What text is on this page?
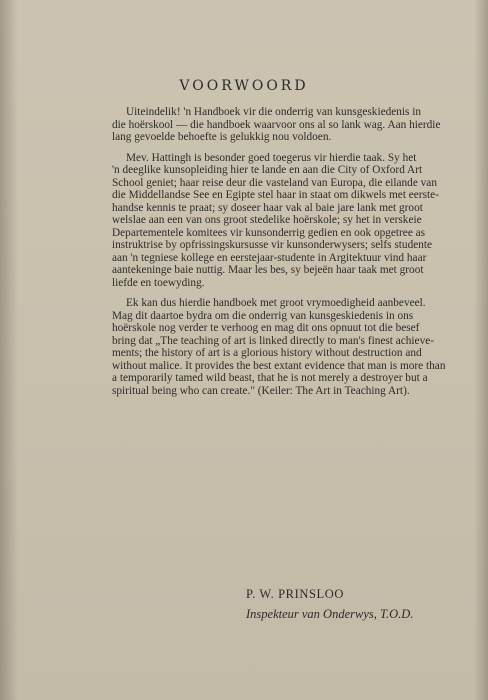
VOORWOORD

Uiteindelik! 'n Handboek vir die onderrig van kunsgeskiedenis in
die hoërskool — die handboek waarvoor ons al so lank wag. Aan hierdie
lang gevoelde behoefte is gelukkig nou voldoen.

Mev. Hattingh is besonder goed toegerus vir hierdie taak. Sy het
'n deeglike kunsopleiding hier te lande en aan die City of Oxford Art
School geniet; haar reise deur die vasteland van Europa, die eilande van
die Middellandse See en Egipte stel haar in staat om dikwels met eerste-
handse kennis te praat; sy doseer haar vak al baie jare lank met groot
welslae aan een van ons groot stedelike hoërskole; sy het in verskeie
Departementele komitees vir kunsonderrig gedien en ook opgetree as
instruktrise by opfrissingskursusse vir kunsonderwysers; selfs studente
aan 'n tegniese kollege en eerstejaar-studente in Argitektuur vind haar
aantekeninge baie nuttig. Maar les bes, sy bejeën haar taak met groot
liefde en toewyding.

Ek kan dus hierdie handboek met groot vrymoedigheid aanbeveel.
Mag dit daartoe bydra om die onderrig van kunsgeskiedenis in ons
hoërskole nog verder te verhoog en mag dit ons opnuut tot die besef
bring dat „The teaching of art is linked directly to man's finest achieve-
ments; the history of art is a glorious history without destruction and
without malice. It provides the best extant evidence that man is more than
a temporarily tamed wild beast, that he is not merely a destroyer but a
spiritual being who can create." (Keiler: The Art in Teaching Art).

P. W. PRINSLOO
Inspekteur van Onderwys, T.O.D.
